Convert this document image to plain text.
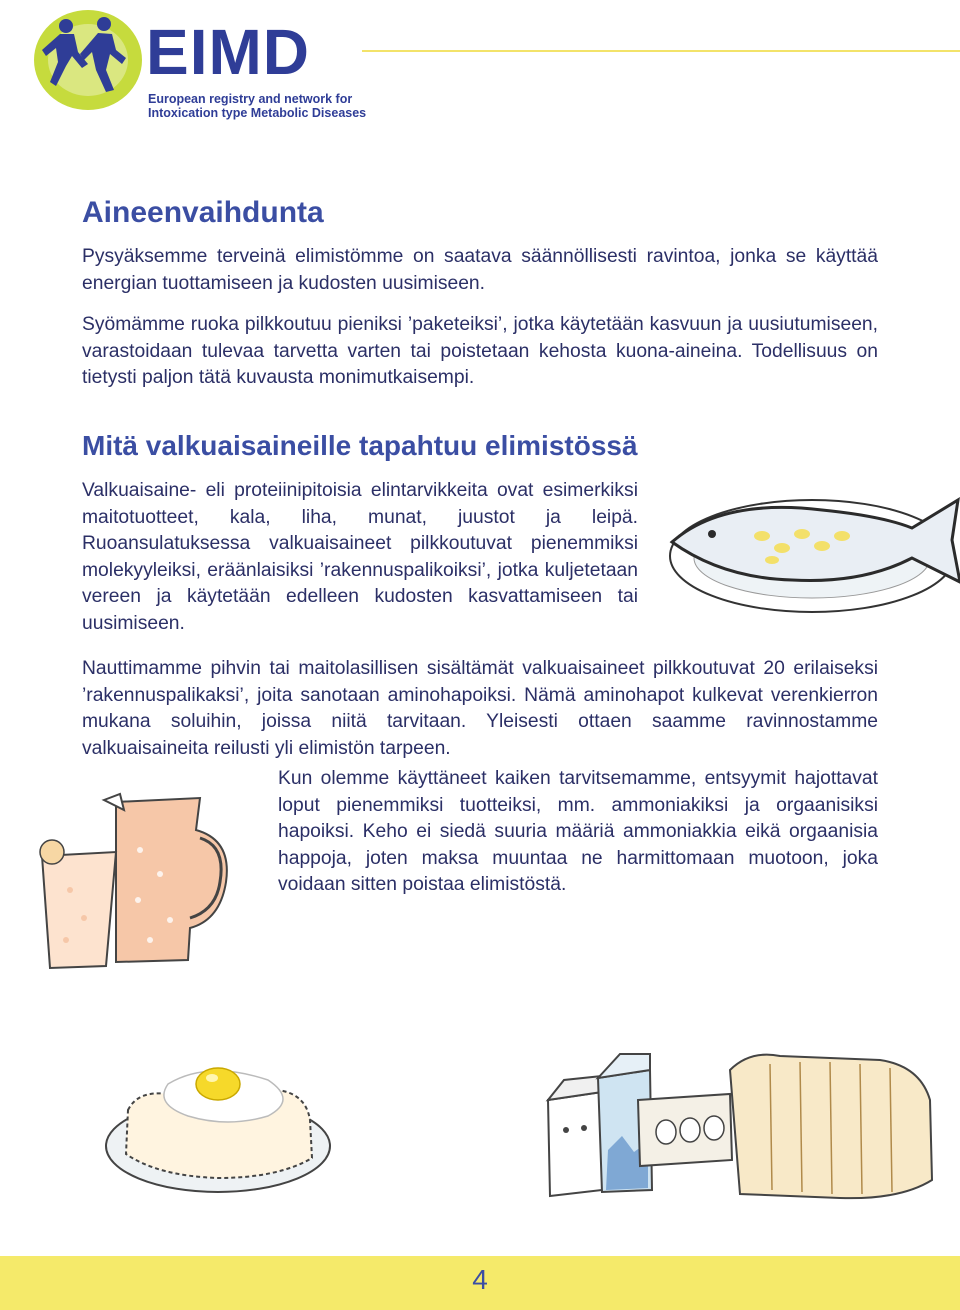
EIMD
European registry and network for
Intoxication type Metabolic Diseases
Aineenvaihdunta
Pysyäksemme terveinä elimistömme on saatava säännöllisesti ravintoa, jonka se käyttää energian tuottamiseen ja kudosten uusimiseen.
Syömämme ruoka pilkkoutuu pieniksi ’paketeiksi’, jotka käytetään kasvuun ja uusiutumiseen, varastoidaan tulevaa tarvetta varten tai poistetaan kehosta kuona-aineina. Todellisuus on tietysti paljon tätä kuvausta monimutkaisempi.
Mitä valkuaisaineille tapahtuu elimistössä
Valkuaisaine- eli proteiinipitoisia elintarvikkeita ovat esimerkiksi maitotuotteet, kala, liha, munat, juustot ja leipä. Ruoansulatuksessa valkuaisaineet pilkkoutuvat pienemmiksi molekyyleiksi, eräänlaisiksi ’rakennuspalikoiksi’, jotka kuljetetaan vereen ja käytetään edelleen kudosten kasvattamiseen tai uusimiseen.
Nauttimamme pihvin tai maitolasillisen sisältämät valkuaisaineet pilkkoutuvat 20 erilaiseksi ’rakennuspalikaksi’, joita sanotaan aminohapoiksi. Nämä aminohapot kulkevat verenkierron mukana soluihin, joissa niitä tarvitaan. Yleisesti ottaen saamme ravinnostamme valkuaisaineita reilusti yli elimistön tarpeen.
Kun olemme käyttäneet kaiken tarvitsemamme, entsyymit hajottavat loput pienemmiksi tuotteiksi, mm. ammoniakiksi ja orgaanisiksi hapoiksi. Keho ei siedä suuria määriä ammoniakkia eikä orgaanisia happoja, joten maksa muuntaa ne harmittomaan muotoon, joka voidaan sitten poistaa elimistöstä.
4
